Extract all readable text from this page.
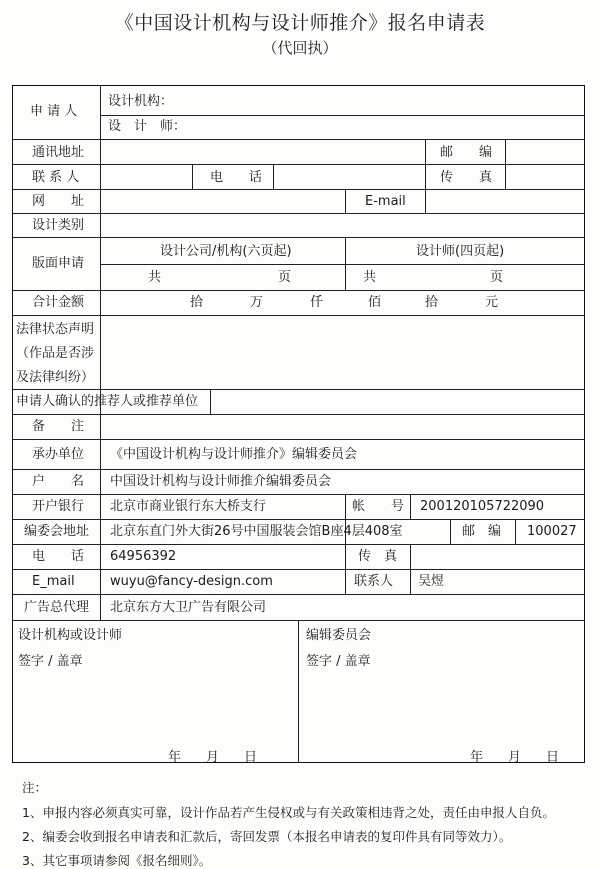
《中国设计机构与设计师推介》报名申请表
（代回执）
申 请 人
设计机构：
设　计　师：
通讯地址	邮　　编
联 系 人	电　　话	传　　真
网　　址	E-mail
设计类别
版面申请
设计公司/机构(六页起)	设计师(四页起)
共	页	共	页
合计金额	拾	万	仟	佰	拾	元
法律状态声明
（作品是否涉
及法律纠纷）
申请人确认的推荐人或推荐单位
备　　注
承办单位 《中国设计机构与设计师推介》编辑委员会
户　　名 中国设计机构与设计师推介编辑委员会
开户银行 北京市商业银行东大桥支行	帐　　号 200120105722090
编委会地址 北京东直门外大街26号中国服装会馆B座4层408室	邮　编 100027
电　　话 64956392	传　真
E_mail	wuyu@fancy-design.com	联系人 吴煜
广告总代理 北京东方大卫广告有限公司
设计机构或设计师
签字 / 盖章
年 月 日
编辑委员会
签字 / 盖章
年 月 日
注：
1、申报内容必须真实可靠，设计作品若产生侵权或与有关政策相违背之处，责任由申报人自负。
2、编委会收到报名申请表和汇款后，寄回发票（本报名申请表的复印件具有同等效力）。
3、其它事项请参阅《报名细则》。
